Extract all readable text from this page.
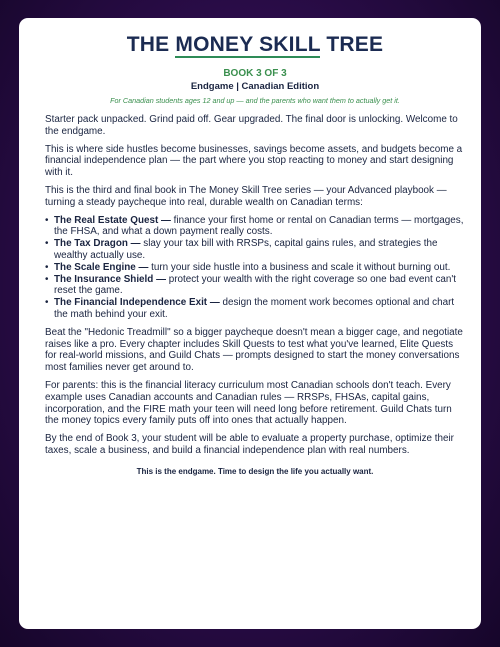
THE MONEY SKILL TREE
BOOK 3 OF 3
Endgame | Canadian Edition
For Canadian students ages 12 and up — and the parents who want them to actually get it.

Starter pack unpacked. Grind paid off. Gear upgraded. The final door is unlocking. Welcome to the endgame.

This is where side hustles become businesses, savings become assets, and budgets become a financial independence plan — the part where you stop reacting to money and start designing with it.

This is the third and final book in The Money Skill Tree series — your Advanced playbook — turning a steady paycheque into real, durable wealth on Canadian terms:

• The Real Estate Quest — finance your first home or rental on Canadian terms — mortgages, the FHSA, and what a down payment really costs.
• The Tax Dragon — slay your tax bill with RRSPs, capital gains rules, and strategies the wealthy actually use.
• The Scale Engine — turn your side hustle into a business and scale it without burning out.
• The Insurance Shield — protect your wealth with the right coverage so one bad event can't reset the game.
• The Financial Independence Exit — design the moment work becomes optional and chart the math behind your exit.

Beat the "Hedonic Treadmill" so a bigger paycheque doesn't mean a bigger cage, and negotiate raises like a pro. Every chapter includes Skill Quests to test what you've learned, Elite Quests for real-world missions, and Guild Chats — prompts designed to start the money conversations most families never get around to.

For parents: this is the financial literacy curriculum most Canadian schools don't teach. Every example uses Canadian accounts and Canadian rules — RRSPs, FHSAs, capital gains, incorporation, and the FIRE math your teen will need long before retirement. Guild Chats turn the money topics every family puts off into ones that actually happen.

By the end of Book 3, your student will be able to evaluate a property purchase, optimize their taxes, scale a business, and build a financial independence plan with real numbers.

This is the endgame. Time to design the life you actually want.
